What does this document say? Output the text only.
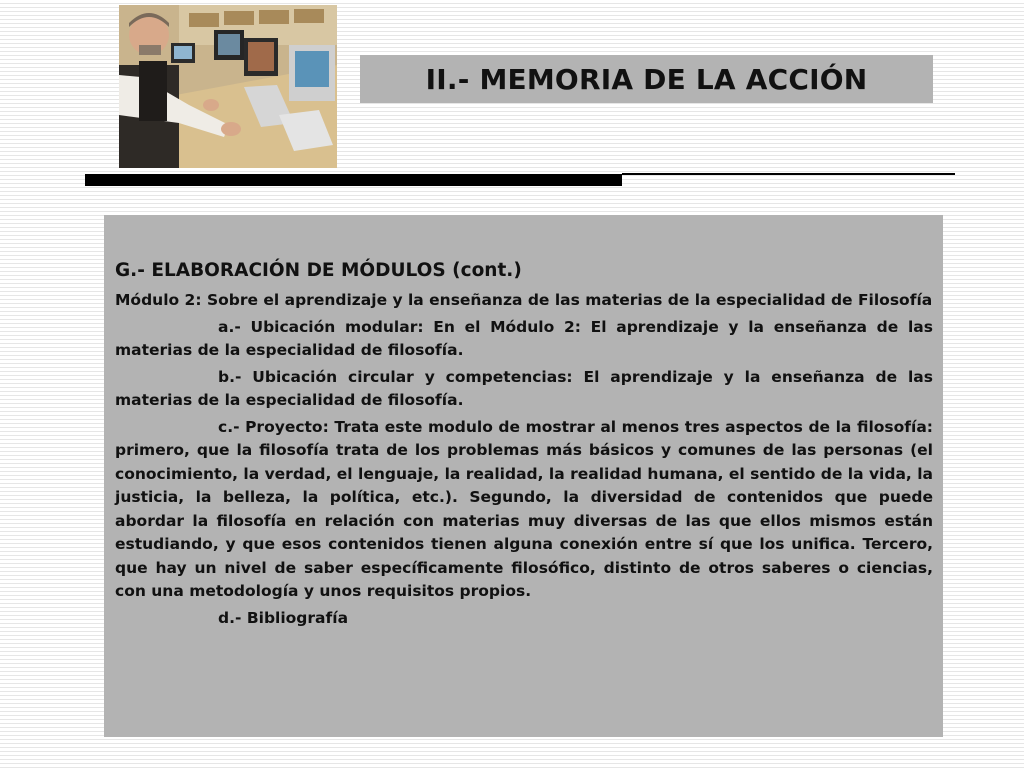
II.- MEMORIA DE LA ACCIÓN
G.- ELABORACIÓN DE MÓDULOS (cont.)

Módulo 2: Sobre el aprendizaje y la enseñanza de las materias de la especialidad de Filosofía

a.- Ubicación modular: En el Módulo 2: El aprendizaje y la enseñanza de las materias de la especialidad de filosofía.

b.- Ubicación circular y competencias: El aprendizaje y la enseñanza de las materias de la especialidad de filosofía.

c.- Proyecto: Trata este modulo de mostrar al menos tres aspectos de la filosofía: primero, que la filosofía trata de los problemas más básicos y comunes de las personas (el conocimiento, la verdad, el lenguaje, la realidad, la realidad humana, el sentido de la vida, la justicia, la belleza, la política, etc.). Segundo, la diversidad de contenidos que puede abordar la filosofía en relación con materias muy diversas de las que ellos mismos están estudiando, y que esos contenidos tienen alguna conexión entre sí que los unifica. Tercero, que hay un nivel de saber específicamente filosófico, distinto de otros saberes o ciencias, con una metodología y unos requisitos propios.

d.- Bibliografía
